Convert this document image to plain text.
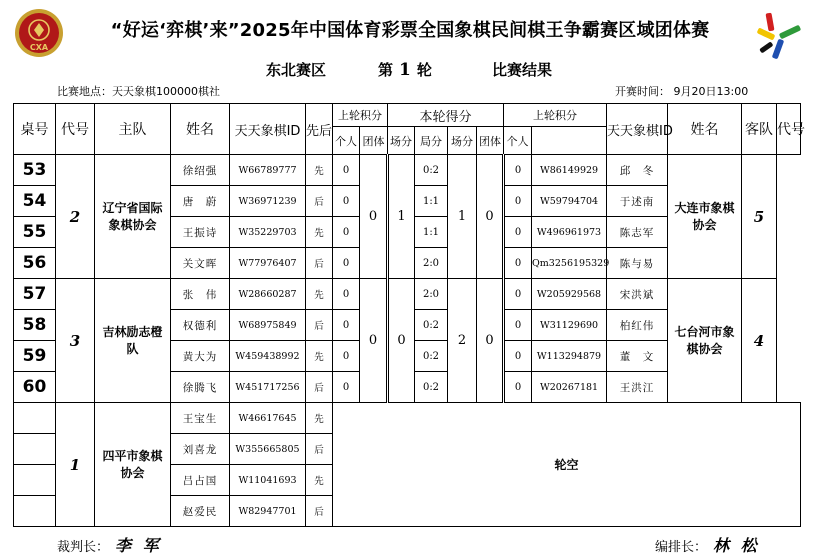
CXA
“好运‘弈棋’来”2025年中国体育彩票全国象棋民间棋王争霸赛区域团体赛
东北赛区	第 1 轮	比赛结果
比赛地点：天天象棋100000棋社	开赛时间： 9月20日13:00
桌号	代号	主队	姓名	天天象棋ID	先后	上轮积分		本轮得分				上轮积分		天天象棋ID	姓名	客队	代号
						个人	团体	场分	局分	场分	团体	个人					
53	2	辽宁省国际象棋协会	徐绍强	W66789777	先	0	0	1	0:2	1	0	0	W86149929	邱　冬	大连市象棋协会	5	
54			唐　蔚	W36971239	后	0			1:1			0	W59794704	于述南			
55			王振诗	W35229703	先	0			1:1			0	W496961973	陈志军			
56			关文晖	W77976407	后	0			2:0			0	Qm3256195329	陈与易			
57	3	吉林励志橙队	张　伟	W28660287	先	0	0	0	2:0	2	0	0	W205929568	宋洪斌	七台河市象棋协会	4	
58			权德利	W68975849	后	0			0:2			0	W31129690	柏红伟			
59			黄大为	W459438992	先	0			0:2			0	W113294879	董　文			
60			徐腾飞	W451717256	后	0			0:2			0	W20267181	王洪江			
	1	四平市象棋协会	王宝生	W46617645	先	轮空											
			刘喜龙	W355665805	后												
			吕占国	W11041693	先												
			赵爱民	W82947701	后												
裁判长： 李 军	编排长： 林 松
